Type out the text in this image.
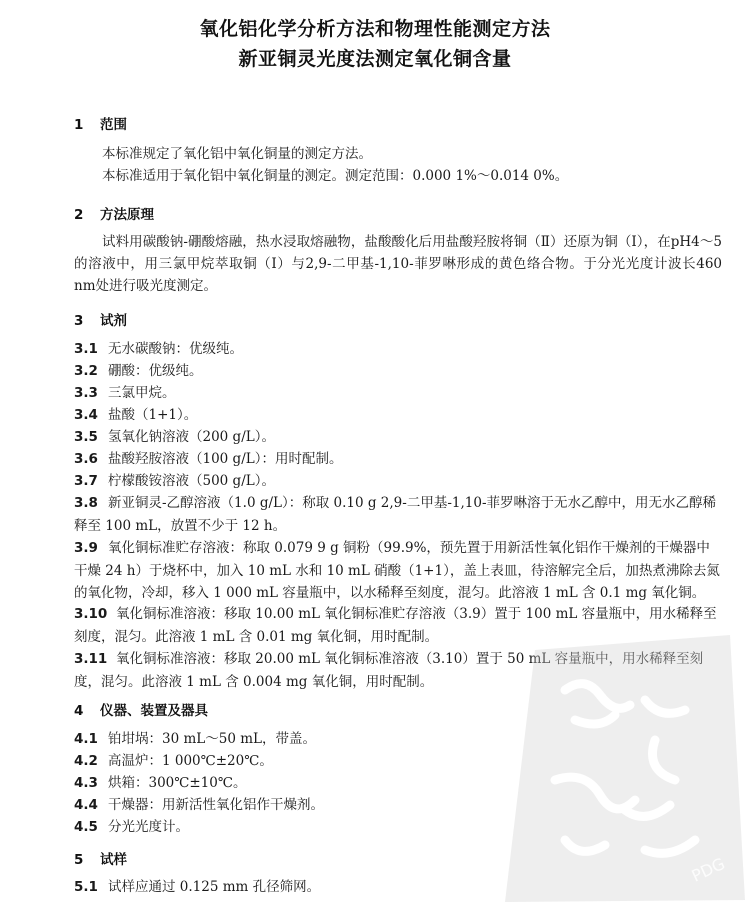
氧化铝化学分析方法和物理性能测定方法
新亚铜灵光度法测定氧化铜含量
1 范围
本标准规定了氧化铝中氧化铜量的测定方法。
本标准适用于氧化铝中氧化铜量的测定。测定范围：0.000 1%～0.014 0%。
2 方法原理
试料用碳酸钠-硼酸熔融，热水浸取熔融物，盐酸酸化后用盐酸羟胺将铜（Ⅱ）还原为铜（Ⅰ），在pH4～5的溶液中，用三氯甲烷萃取铜（Ⅰ）与2,9-二甲基-1,10-菲罗啉形成的黄色络合物。于分光光度计波长460 nm处进行吸光度测定。
3 试剂
3.1 无水碳酸钠：优级纯。
3.2 硼酸：优级纯。
3.3 三氯甲烷。
3.4 盐酸（1+1）。
3.5 氢氧化钠溶液（200 g/L）。
3.6 盐酸羟胺溶液（100 g/L）：用时配制。
3.7 柠檬酸铵溶液（500 g/L）。
3.8 新亚铜灵-乙醇溶液（1.0 g/L）：称取 0.10 g 2,9-二甲基-1,10-菲罗啉溶于无水乙醇中，用无水乙醇稀释至 100 mL，放置不少于 12 h。
3.9 氧化铜标准贮存溶液：称取 0.079 9 g 铜粉（99.9%，预先置于用新活性氧化铝作干燥剂的干燥器中干燥 24 h）于烧杯中，加入 10 mL 水和 10 mL 硝酸（1+1），盖上表皿，待溶解完全后，加热煮沸除去氮的氧化物，冷却，移入 1 000 mL 容量瓶中，以水稀释至刻度，混匀。此溶液 1 mL 含 0.1 mg 氧化铜。
3.10 氧化铜标准溶液：移取 10.00 mL 氧化铜标准贮存溶液（3.9）置于 100 mL 容量瓶中，用水稀释至刻度，混匀。此溶液 1 mL 含 0.01 mg 氧化铜，用时配制。
3.11 氧化铜标准溶液：移取 20.00 mL 氧化铜标准溶液（3.10）置于 50 mL 容量瓶中，用水稀释至刻度，混匀。此溶液 1 mL 含 0.004 mg 氧化铜，用时配制。
4 仪器、装置及器具
4.1 铂坩埚：30 mL～50 mL，带盖。
4.2 高温炉：1 000℃±20℃。
4.3 烘箱：300℃±10℃。
4.4 干燥器：用新活性氧化铝作干燥剂。
4.5 分光光度计。
5 试样
5.1 试样应通过 0.125 mm 孔径筛网。
PDG
